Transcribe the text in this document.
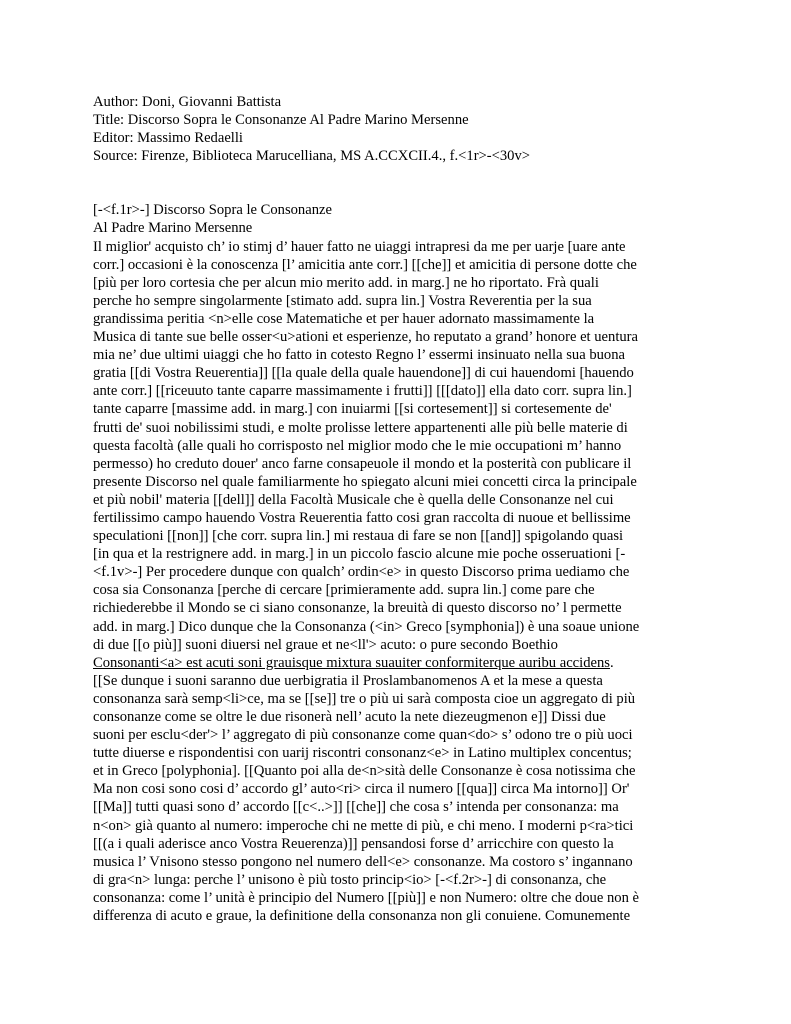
Author: Doni, Giovanni Battista
Title: Discorso Sopra le Consonanze Al Padre Marino Mersenne
Editor: Massimo Redaelli
Source: Firenze, Biblioteca Marucelliana, MS A.CCXCII.4., f.<1r>-<30v>
[-<f.1r>-] Discorso Sopra le Consonanze
Al Padre Marino Mersenne
Il miglior' acquisto ch’ io stimj d’ hauer fatto ne uiaggi intrapresi da me per uarje [uare ante
corr.] occasioni è la conoscenza [l’ amicitia ante corr.] [[che]] et amicitia di persone dotte che
[più per loro cortesia che per alcun mio merito add. in marg.] ne ho riportato. Frà quali
perche ho sempre singolarmente [stimato add. supra lin.] Vostra Reverentia per la sua
grandissima peritia <n>elle cose Matematiche et per hauer adornato massimamente la
Musica di tante sue belle osser<u>ationi et esperienze, ho reputato a grand’ honore et uentura
mia ne’ due ultimi uiaggi che ho fatto in cotesto Regno l’ essermi insinuato nella sua buona
gratia [[di Vostra Reuerentia]] [[la quale della quale hauendone]] di cui hauendomi [hauendo
ante corr.] [[riceuuto tante caparre massimamente i frutti]] [[[dato]] ella dato corr. supra lin.]
tante caparre [massime add. in marg.] con inuiarmi [[si cortesement]] si cortesemente de'
frutti de' suoi nobilissimi studi, e molte prolisse lettere appartenenti alle più belle materie di
questa facoltà (alle quali ho corrisposto nel miglior modo che le mie occupationi m’ hanno
permesso) ho creduto douer' anco farne consapeuole il mondo et la posterità con publicare il
presente Discorso nel quale familiarmente ho spiegato alcuni miei concetti circa la principale
et più nobil' materia [[dell]] della Facoltà Musicale che è quella delle Consonanze nel cui
fertilissimo campo hauendo Vostra Reuerentia fatto cosi gran raccolta di nuoue et bellissime
speculationi [[non]] [che corr. supra lin.] mi restaua di fare se non [[and]] spigolando quasi
[in qua et la restrignere add. in marg.] in un piccolo fascio alcune mie poche osseruationi [-
<f.1v>-] Per procedere dunque con qualch’ ordin<e> in questo Discorso prima uediamo che
cosa sia Consonanza [perche di cercare [primieramente add. supra lin.] come pare che
richiederebbe il Mondo se ci siano consonanze, la breuità di questo discorso no’ l permette
add. in marg.] Dico dunque che la Consonanza (<in> Greco [symphonia]) è una soaue unione
di due [[o più]] suoni diuersi nel graue et ne<ll'> acuto: o pure secondo Boethio
Consonanti<a> est acuti soni grauisque mixtura suauiter conformiterque auribu accidens.
[[Se dunque i suoni saranno due uerbigratia il Proslambanomenos A et la mese a questa
consonanza sarà semp<li>ce, ma se [[se]] tre o più ui sarà composta cioe un aggregato di più
consonanze come se oltre le due risonerà nell’ acuto la nete diezeugmenon e]] Dissi due
suoni per esclu<der'> l’ aggregato di più consonanze come quan<do> s’ odono tre o più uoci
tutte diuerse e rispondentisi con uarij riscontri consonanz<e> in Latino multiplex concentus;
et in Greco [polyphonia]. [[Quanto poi alla de<n>sità delle Consonanze è cosa notissima che
Ma non cosi sono cosi d’ accordo gl’ auto<ri> circa il numero [[qua]] circa Ma intorno]] Or'
[[Ma]] tutti quasi sono d’ accordo [[c<..>]] [[che]] che cosa s’ intenda per consonanza: ma
n<on> già quanto al numero: imperoche chi ne mette di più, e chi meno. I moderni p<ra>tici
[[(a i quali aderisce anco Vostra Reuerenza)]] pensandosi forse d’ arricchire con questo la
musica l’ Vnisono stesso pongono nel numero dell<e> consonanze. Ma costoro s’ ingannano
di gra<n> lunga: perche l’ unisono è più tosto princip<io> [-<f.2r>-] di consonanza, che
consonanza: come l’ unità è principio del Numero [[più]] e non Numero: oltre che doue non è
differenza di acuto e graue, la definitione della consonanza non gli conuiene. Comunemente
